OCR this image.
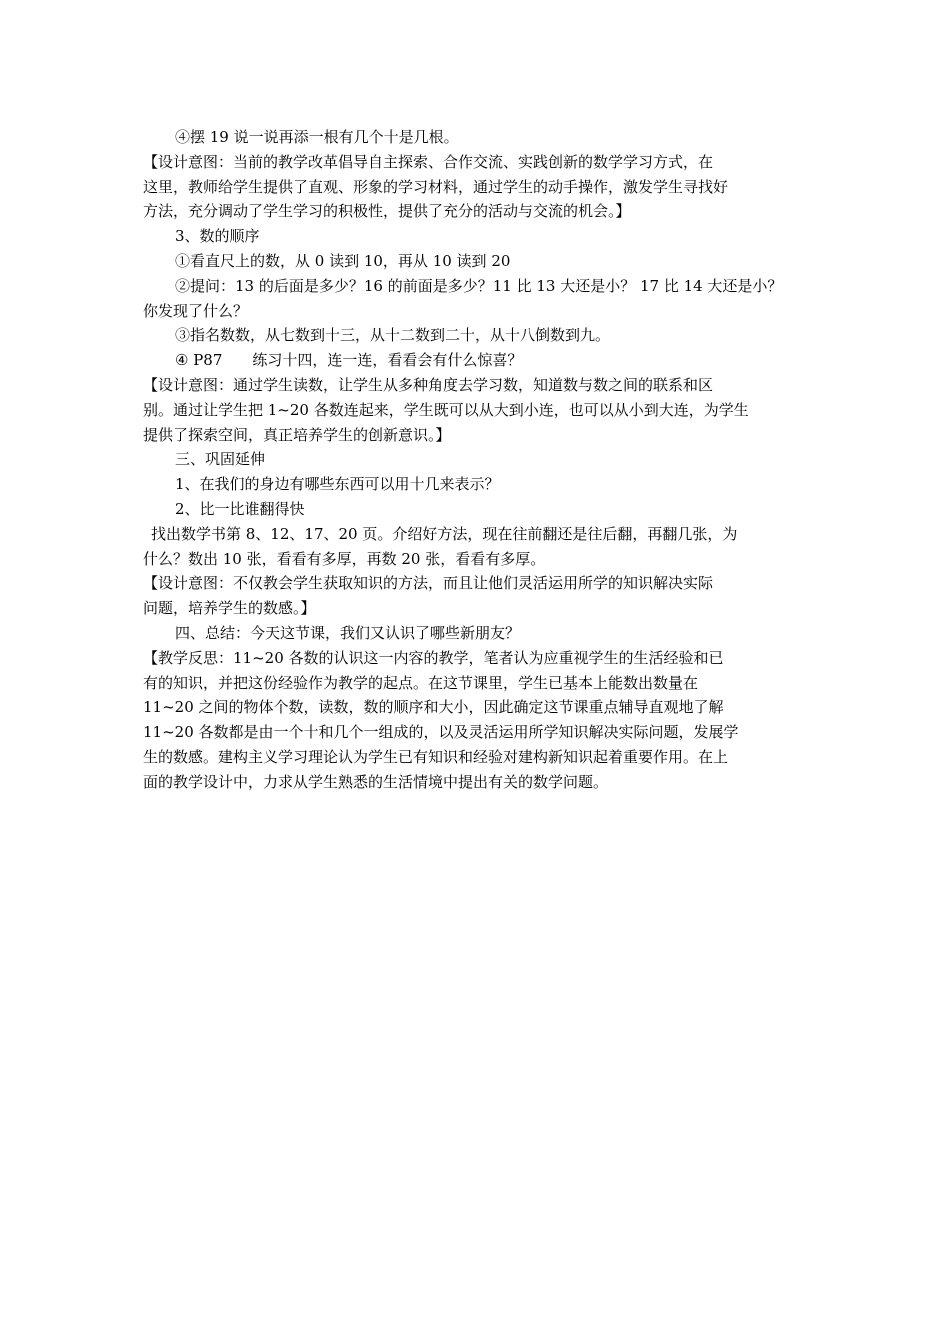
④摆 19 说一说再添一根有几个十是几根。
【设计意图：当前的教学改革倡导自主探索、合作交流、实践创新的数学学习方式，在
这里，教师给学生提供了直观、形象的学习材料，通过学生的动手操作，激发学生寻找好
方法，充分调动了学生学习的积极性，提供了充分的活动与交流的机会。】
3、数的顺序
①看直尺上的数，从 0 读到 10，再从 10 读到 20
②提问：13 的后面是多少？16 的前面是多少？11 比 13 大还是小？ 17 比 14 大还是小？
你发现了什么？
③指名数数，从七数到十三，从十二数到二十，从十八倒数到九。
④ P87　　练习十四，连一连，看看会有什么惊喜？
【设计意图：通过学生读数，让学生从多种角度去学习数，知道数与数之间的联系和区
别。通过让学生把 1~20 各数连起来，学生既可以从大到小连，也可以从小到大连，为学生
提供了探索空间，真正培养学生的创新意识。】
三、巩固延伸
1、在我们的身边有哪些东西可以用十几来表示？
2、比一比谁翻得快
找出数学书第 8、12、17、20 页。介绍好方法，现在往前翻还是往后翻，再翻几张，为
什么？数出 10 张，看看有多厚，再数 20 张，看看有多厚。
【设计意图：不仅教会学生获取知识的方法，而且让他们灵活运用所学的知识解决实际
问题，培养学生的数感。】
四、总结：今天这节课，我们又认识了哪些新朋友？
【教学反思：11~20 各数的认识这一内容的教学，笔者认为应重视学生的生活经验和已
有的知识，并把这份经验作为教学的起点。在这节课里，学生已基本上能数出数量在
11~20 之间的物体个数，读数，数的顺序和大小，因此确定这节课重点辅导直观地了解
11~20 各数都是由一个十和几个一组成的，以及灵活运用所学知识解决实际问题，发展学
生的数感。建构主义学习理论认为学生已有知识和经验对建构新知识起着重要作用。在上
面的教学设计中，力求从学生熟悉的生活情境中提出有关的数学问题。
